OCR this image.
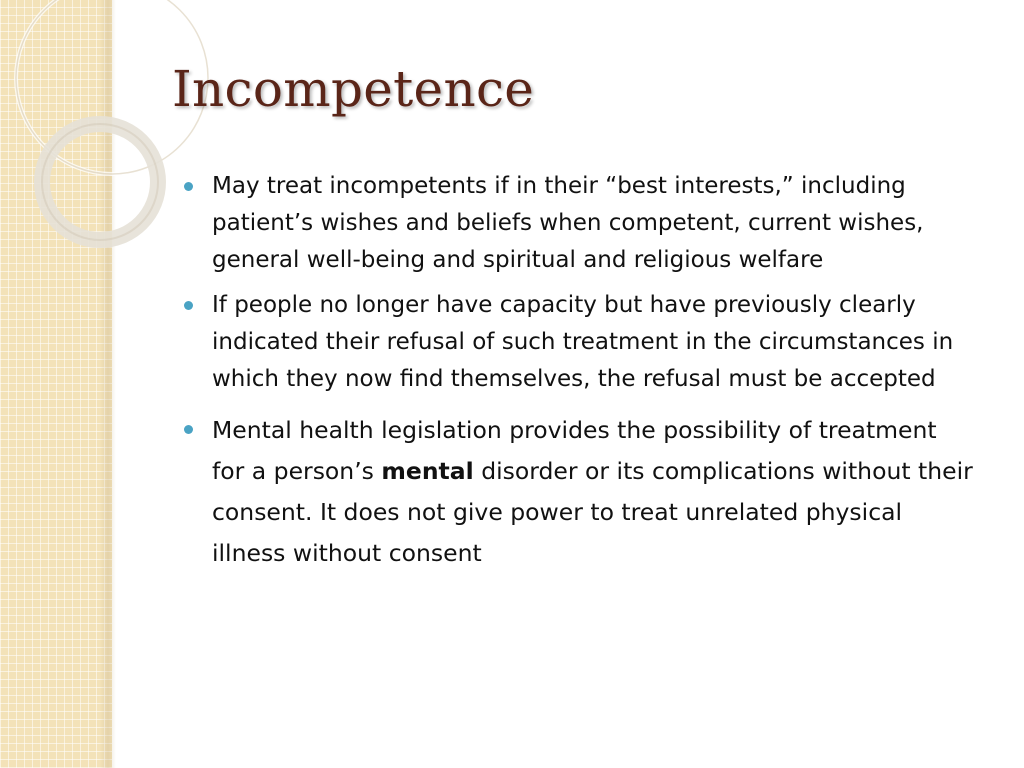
Incompetence
May treat incompetents if in their “best interests,” including patient’s wishes and beliefs when competent, current wishes, general well-being and spiritual and religious welfare
If people no longer have capacity but have previously clearly indicated their refusal of such treatment in the circumstances in which they now find themselves, the refusal must be accepted
Mental health legislation provides the possibility of treatment for a person’s mental disorder or its complications without their consent. It does not give power to treat unrelated physical illness without consent
